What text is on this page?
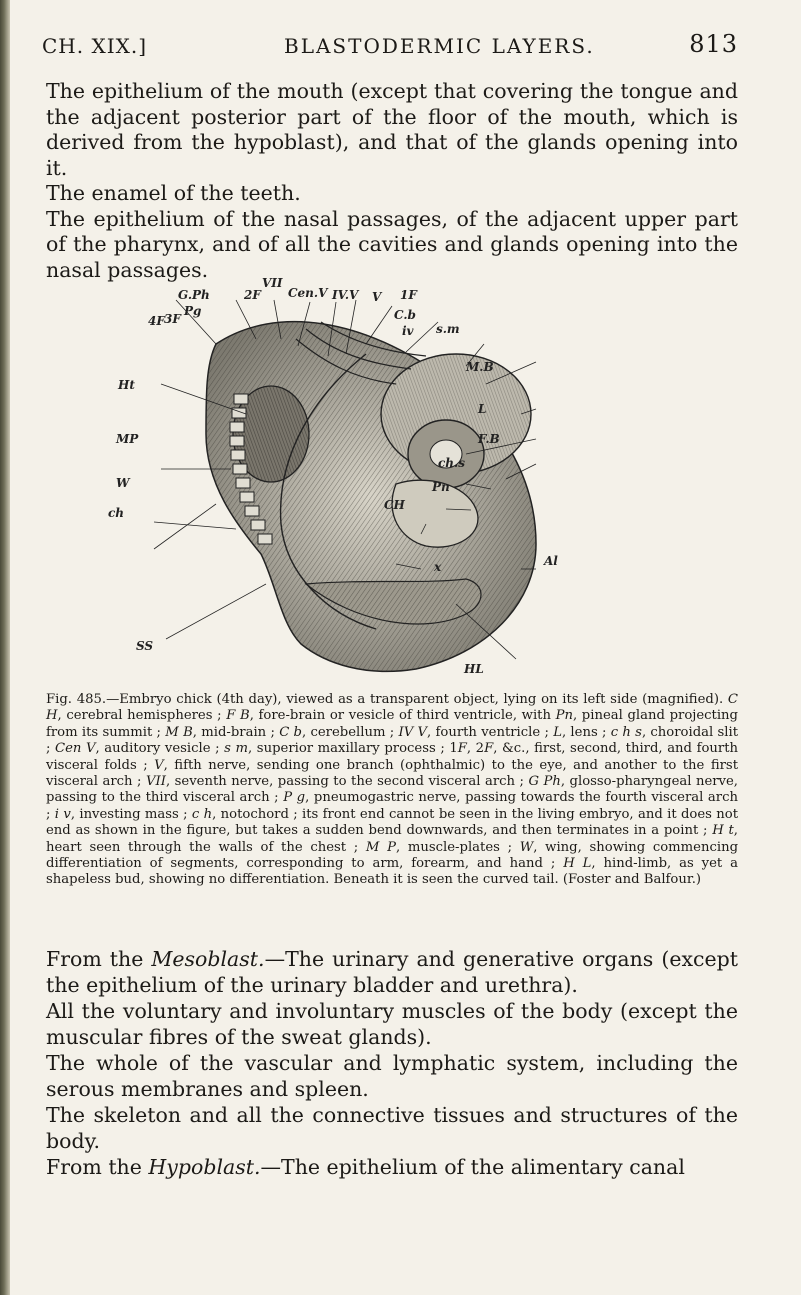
CH. XIX.]	BLASTODERMIC LAYERS.	813

The epithelium of the mouth (except that covering the tongue and the adjacent posterior part of the floor of the mouth, which is derived from the hypoblast), and that of the glands opening into it.

The enamel of the teeth.

The epithelium of the nasal passages, of the adjacent upper part of the pharynx, and of all the cavities and glands opening into the nasal passages.

G.Ph
VII
2F Cen.V IV.V V 1F
Pg
4F 3F	C.b
iv s.m
M.B
Ht
L
F.B
MP
ch.s
Pn
W
CH
ch
Al
x
SS
HL
Fig. 485.—Embryo chick (4th day), viewed as a transparent object, lying on its left side (magnified). C H, cerebral hemispheres ; F B, fore-brain or vesicle of third ventricle, with Pn, pineal gland projecting from its summit ; M B, mid-brain ; C b, cerebellum ; IV V, fourth ventricle ; L, lens ; c h s, choroidal slit ; Cen V, auditory vesicle ; s m, superior maxillary process ; 1F, 2F, &c., first, second, third, and fourth visceral folds ; V, fifth nerve, sending one branch (ophthalmic) to the eye, and another to the first visceral arch ; VII, seventh nerve, passing to the second visceral arch ; G Ph, glosso-pharyngeal nerve, passing to the third visceral arch ; P g, pneumogastric nerve, passing towards the fourth visceral arch ; i v, investing mass ; c h, notochord ; its front end cannot be seen in the living embryo, and it does not end as shown in the figure, but takes a sudden bend downwards, and then terminates in a point ; H t, heart seen through the walls of the chest ; M P, muscle-plates ; W, wing, showing commencing differentiation of segments, corresponding to arm, forearm, and hand ; H L, hind-limb, as yet a shapeless bud, showing no differentiation. Beneath it is seen the curved tail. (Foster and Balfour.)

From the Mesoblast.—The urinary and generative organs (except the epithelium of the urinary bladder and urethra).

All the voluntary and involuntary muscles of the body (except the muscular fibres of the sweat glands).

The whole of the vascular and lymphatic system, including the serous membranes and spleen.

The skeleton and all the connective tissues and structures of the body.

From the Hypoblast.—The epithelium of the alimentary canal
